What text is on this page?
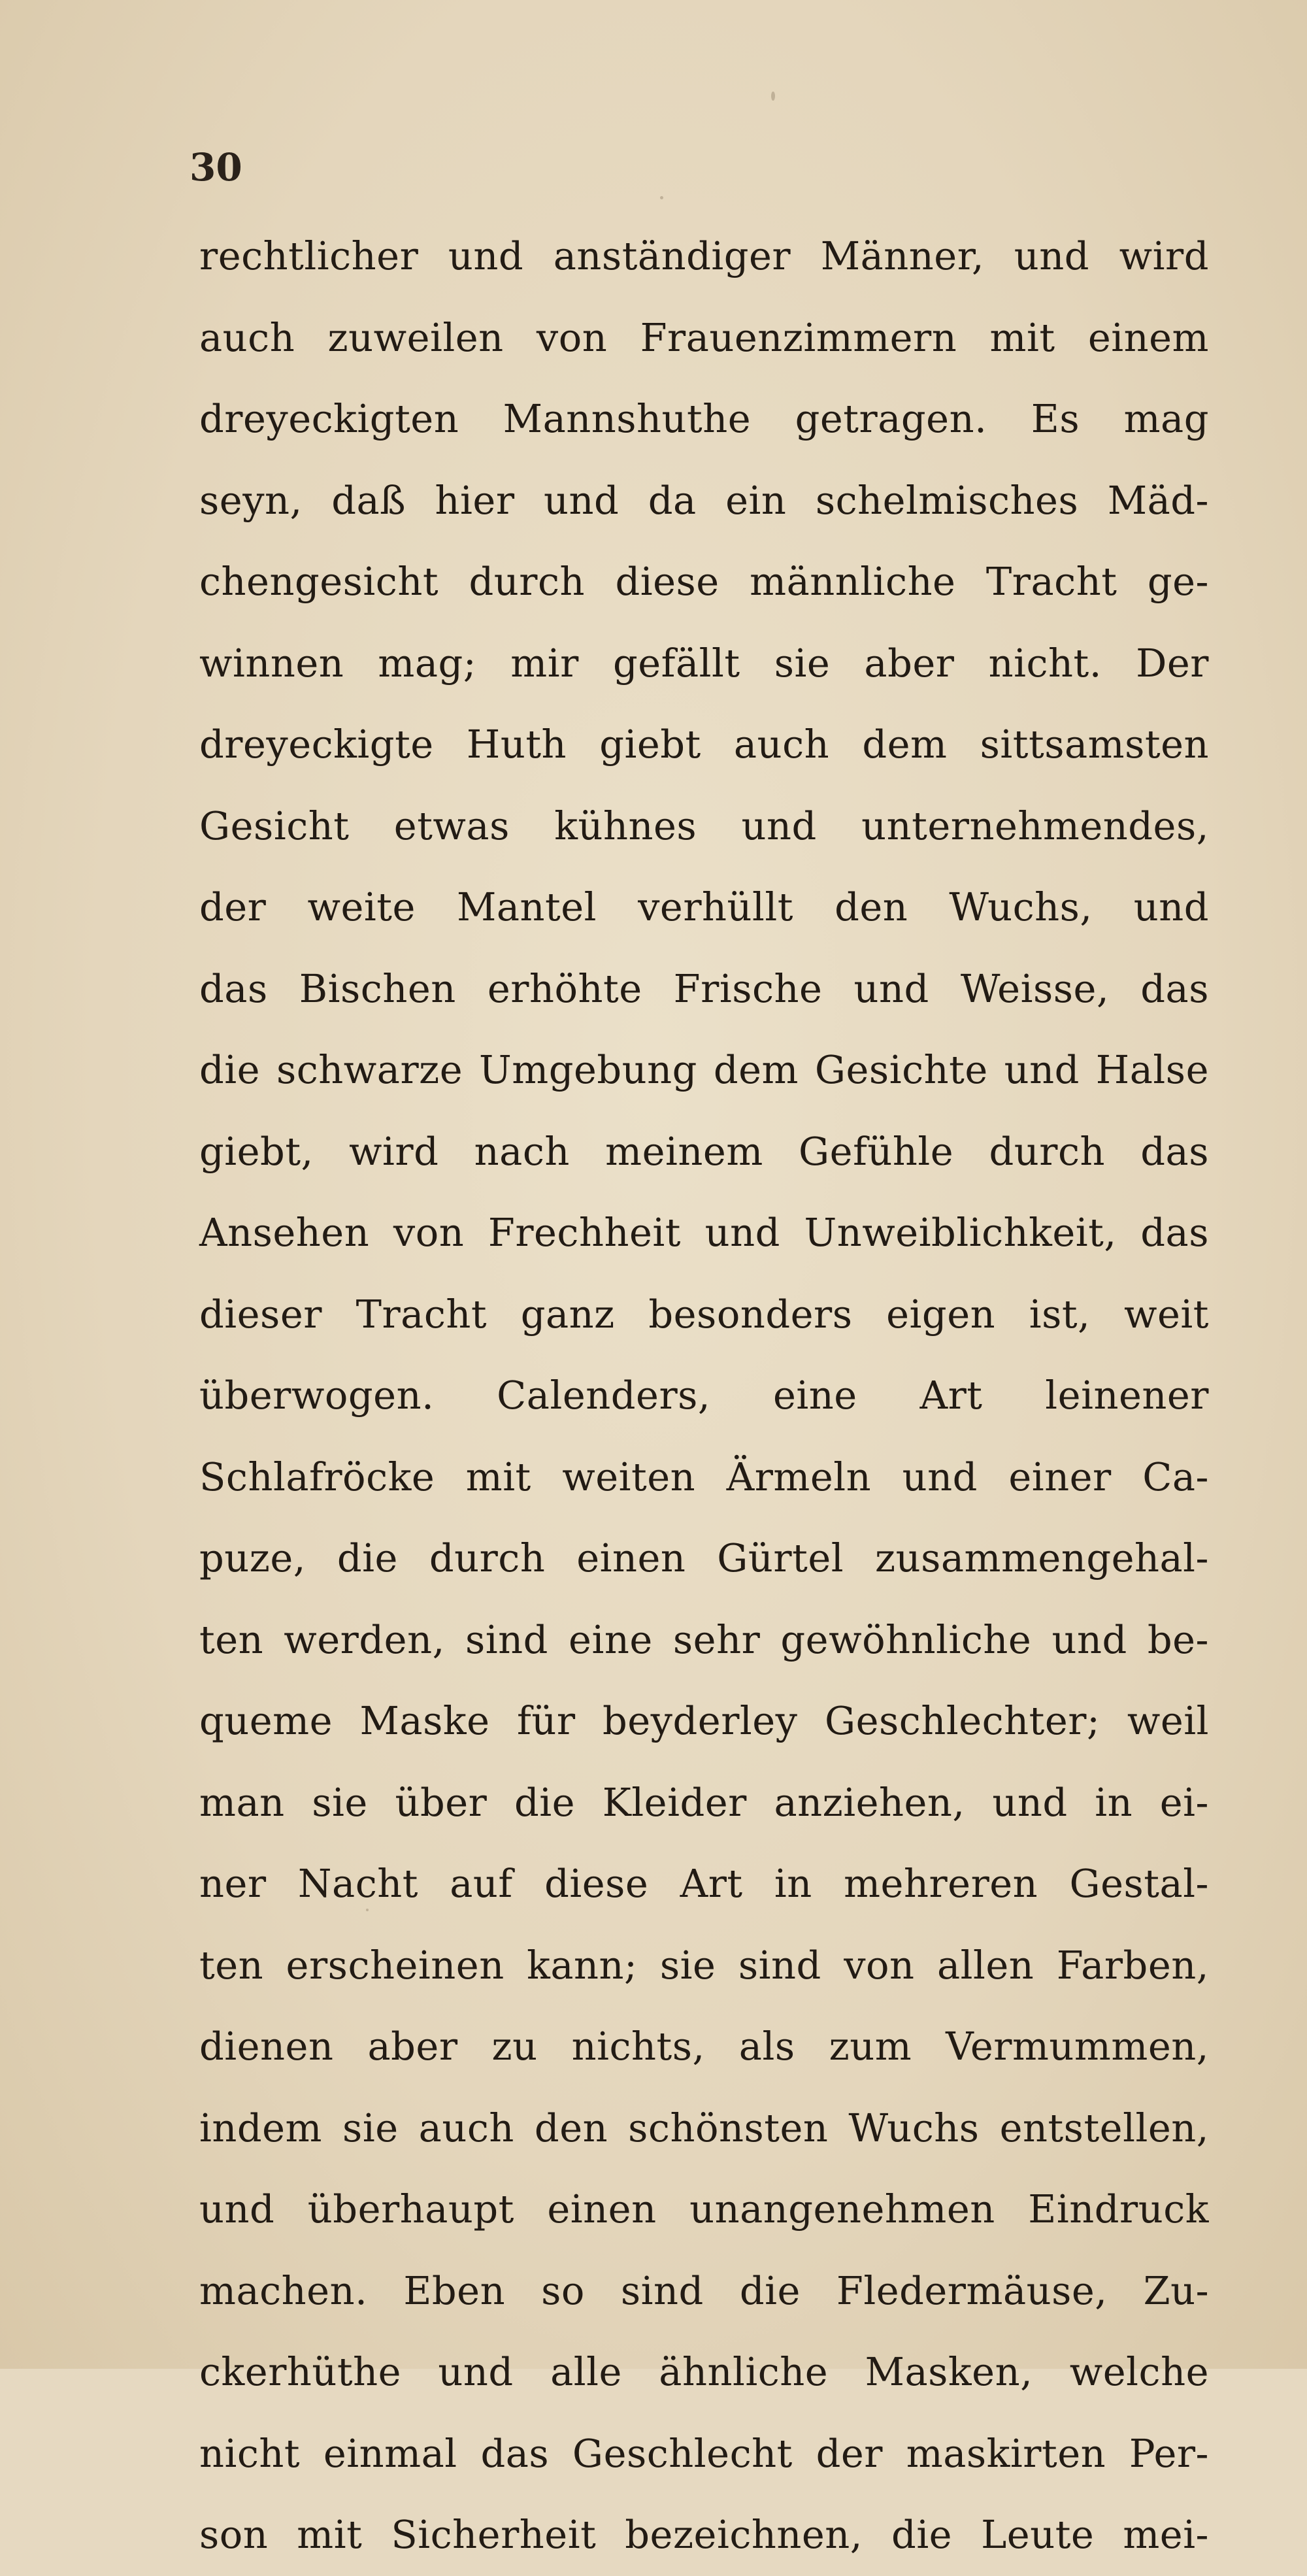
30
rechtlicher und anständiger Männer, und wird
auch zuweilen von Frauenzimmern mit einem
dreyeckigten Mannshuthe getragen. Es mag
seyn, daß hier und da ein schelmisches Mäd-
chengesicht durch diese männliche Tracht ge-
winnen mag; mir gefällt sie aber nicht. Der
dreyeckigte Huth giebt auch dem sittsamsten
Gesicht etwas kühnes und unternehmendes,
der weite Mantel verhüllt den Wuchs, und
das Bischen erhöhte Frische und Weisse, das
die schwarze Umgebung dem Gesichte und Halse
giebt, wird nach meinem Gefühle durch das
Ansehen von Frechheit und Unweiblichkeit, das
dieser Tracht ganz besonders eigen ist, weit
überwogen. Calenders, eine Art leinener
Schlafröcke mit weiten Ärmeln und einer Ca-
puze, die durch einen Gürtel zusammengehal-
ten werden, sind eine sehr gewöhnliche und be-
queme Maske für beyderley Geschlechter; weil
man sie über die Kleider anziehen, und in ei-
ner Nacht auf diese Art in mehreren Gestal-
ten erscheinen kann; sie sind von allen Farben,
dienen aber zu nichts, als zum Vermummen,
indem sie auch den schönsten Wuchs entstellen,
und überhaupt einen unangenehmen Eindruck
machen. Eben so sind die Fledermäuse, Zu-
ckerhüthe und alle ähnliche Masken, welche
nicht einmal das Geschlecht der maskirten Per-
son mit Sicherheit bezeichnen, die Leute mei-
